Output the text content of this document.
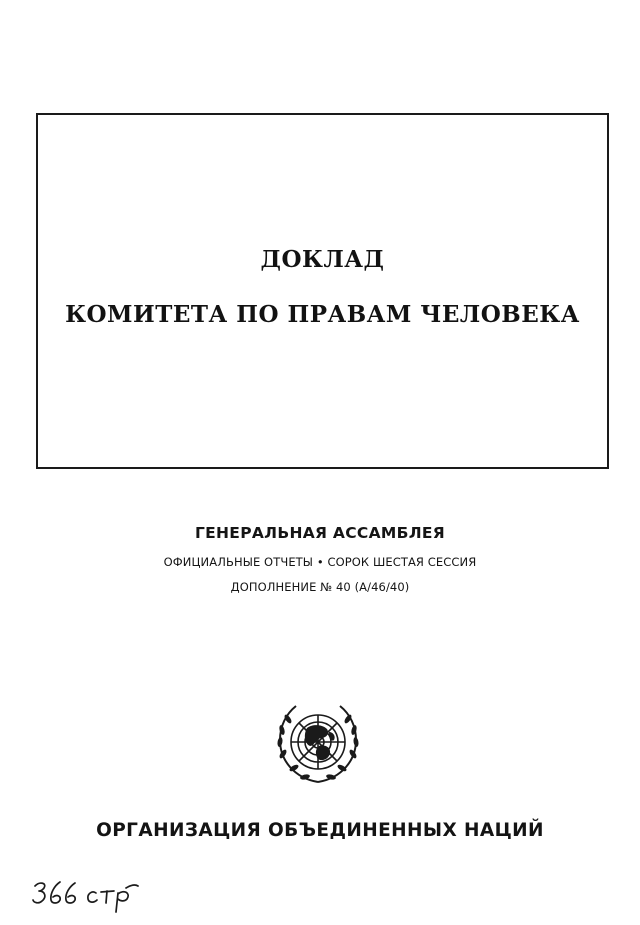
ДОКЛАД
КОМИТЕТА ПО ПРАВАМ ЧЕЛОВЕКА
ГЕНЕРАЛЬНАЯ АССАМБЛЕЯ
ОФИЦИАЛЬНЫЕ ОТЧЕТЫ • СОРОК ШЕСТАЯ СЕССИЯ
ДОПОЛНЕНИЕ № 40 (A/46/40)
ОРГАНИЗАЦИЯ ОБЪЕДИНЕННЫХ НАЦИЙ
